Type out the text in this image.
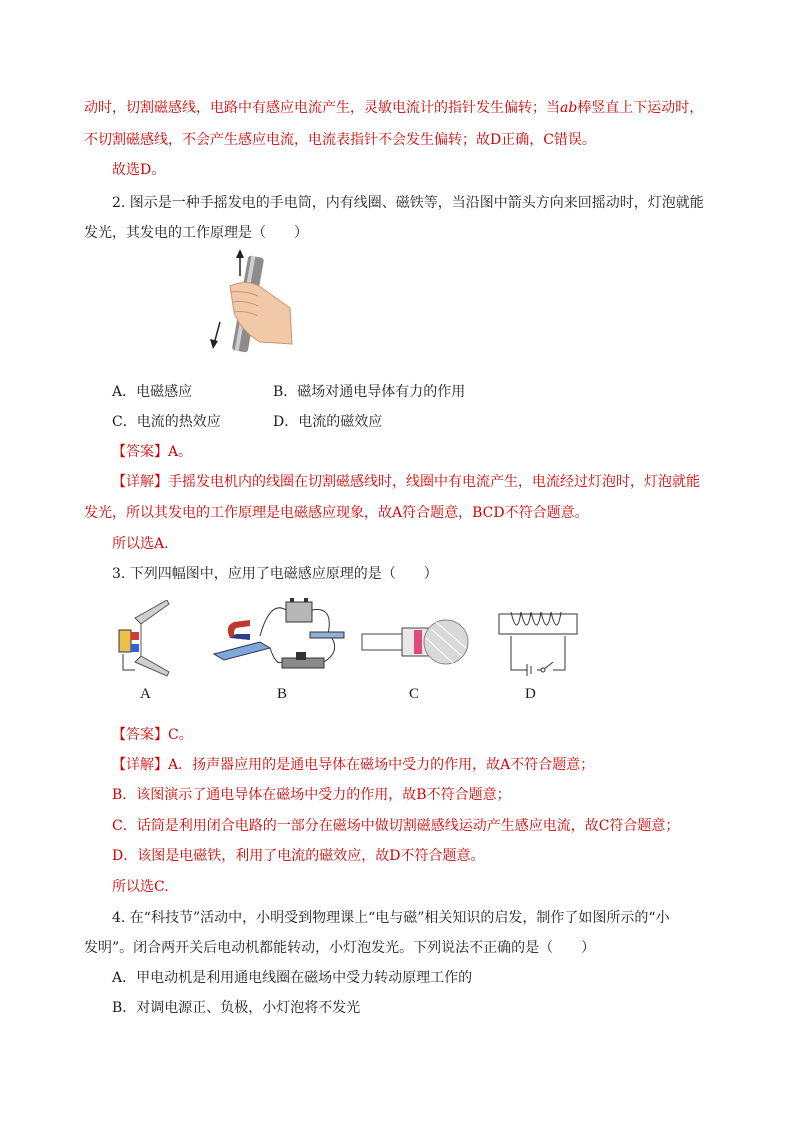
动时，切割磁感线，电路中有感应电流产生，灵敏电流计的指针发生偏转；当ab棒竖直上下运动时，
不切割磁感线，不会产生感应电流，电流表指针不会发生偏转；故D正确，C错误。
故选D。
2. 图示是一种手摇发电的手电筒，内有线圈、磁铁等，当沿图中箭头方向来回摇动时，灯泡就能
发光，其发电的工作原理是（　　）
A．电磁感应	B．磁场对通电导体有力的作用
C．电流的热效应	D．电流的磁效应
【答案】A。
【详解】手摇发电机内的线圈在切割磁感线时，线圈中有电流产生，电流经过灯泡时，灯泡就能
发光，所以其发电的工作原理是电磁感应现象，故A符合题意，BCD不符合题意。
所以选A.
3. 下列四幅图中，应用了电磁感应原理的是（　　）
A	B	C	D
【答案】C。
【详解】A．扬声器应用的是通电导体在磁场中受力的作用，故A不符合题意；
B．该图演示了通电导体在磁场中受力的作用，故B不符合题意；
C．话筒是利用闭合电路的一部分在磁场中做切割磁感线运动产生感应电流，故C符合题意；
D．该图是电磁铁，利用了电流的磁效应，故D不符合题意。
所以选C.
4. 在“科技节”活动中，小明受到物理课上“电与磁”相关知识的启发，制作了如图所示的“小
发明”。闭合两开关后电动机都能转动，小灯泡发光。下列说法不正确的是（　　）
A．甲电动机是利用通电线圈在磁场中受力转动原理工作的
B．对调电源正、负极，小灯泡将不发光
